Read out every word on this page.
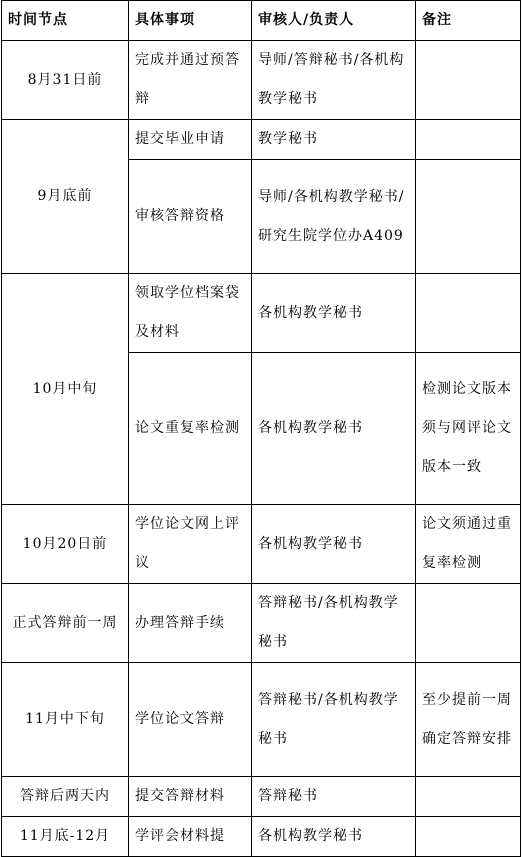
时间节点	具体事项	审核人/负责人	备注
8月31日前	完成并通过预答辩	导师/答辩秘书/各机构教学秘书	
9月底前	提交毕业申请	教学秘书	
	审核答辩资格	导师/各机构教学秘书/研究生院学位办A409	
10月中旬	领取学位档案袋及材料	各机构教学秘书	
	论文重复率检测	各机构教学秘书	检测论文版本须与网评论文版本一致
10月20日前	学位论文网上评议	各机构教学秘书	论文须通过重复率检测
正式答辩前一周	办理答辩手续	答辩秘书/各机构教学秘书	
11月中下旬	学位论文答辩	答辩秘书/各机构教学秘书	至少提前一周确定答辩安排
答辩后两天内	提交答辩材料	答辩秘书	
11月底-12月	学评会材料提	各机构教学秘书	
